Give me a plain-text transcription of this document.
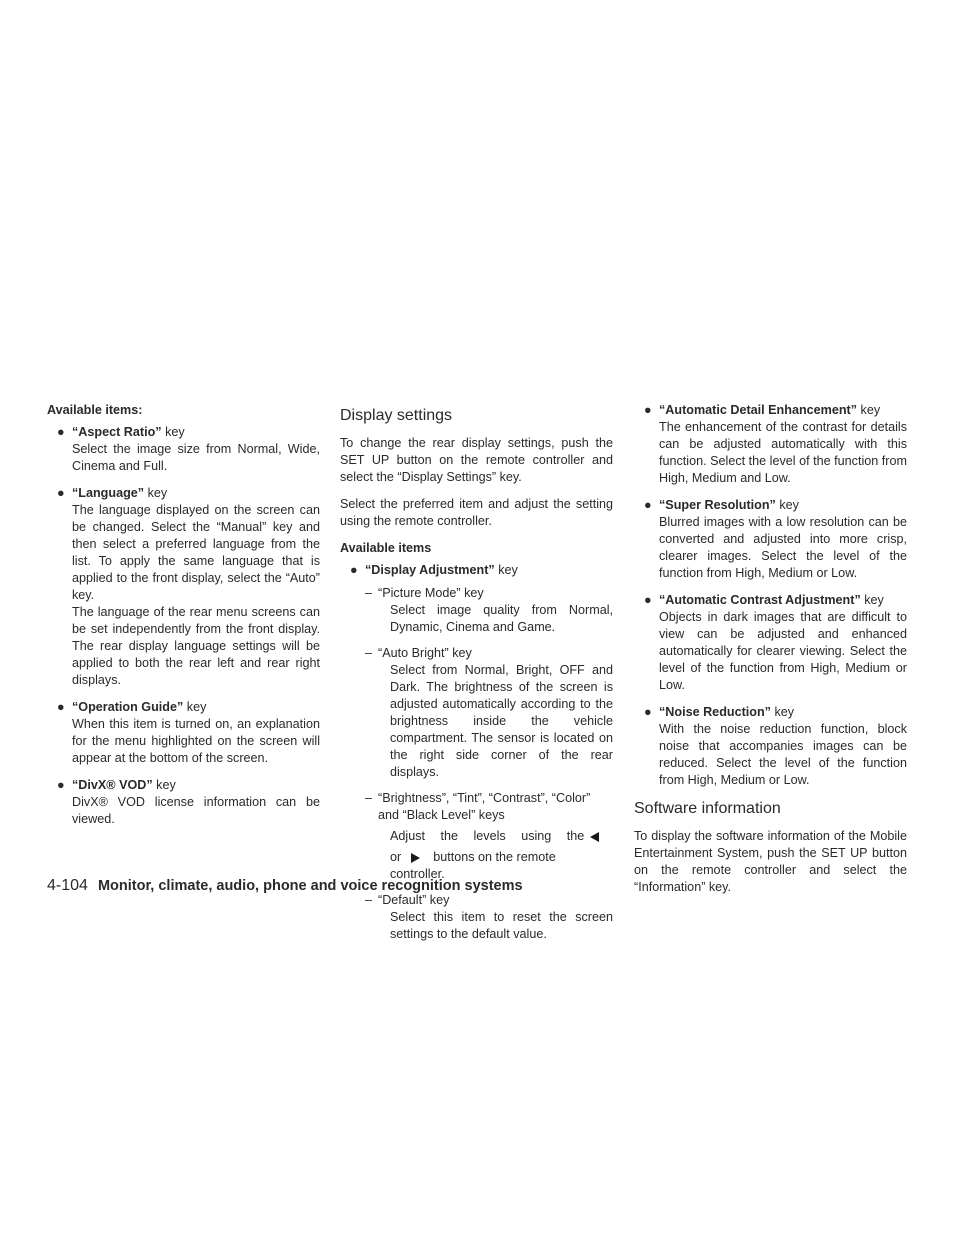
Available items:
● “Aspect Ratio” key
Select the image size from Normal, Wide, Cinema and Full.
● “Language” key
The language displayed on the screen can be changed. Select the “Manual” key and then select a preferred language from the list. To apply the same language that is applied to the front display, select the “Auto” key.
The language of the rear menu screens can be set independently from the front display. The rear display language settings will be applied to both the rear left and rear right displays.
● “Operation Guide” key
When this item is turned on, an explanation for the menu highlighted on the screen will appear at the bottom of the screen.
● “DivX® VOD” key
DivX® VOD license information can be viewed.
Display settings

To change the rear display settings, push the SET UP button on the remote controller and select the “Display Settings” key.

Select the preferred item and adjust the setting using the remote controller.

Available items
● “Display Adjustment” key
– “Picture Mode” key
Select image quality from Normal, Dynamic, Cinema and Game.
– “Auto Bright” key
Select from Normal, Bright, OFF and Dark. The brightness of the screen is adjusted automatically according to the brightness inside the vehicle compartment. The sensor is located on the right side corner of the rear displays.
– “Brightness”, “Tint”, “Contrast”, “Color” and “Black Level” keys
Adjust the levels using the
or	buttons on the remote controller.
– “Default” key
Select this item to reset the screen settings to the default value.
● “Automatic Detail Enhancement” key
The enhancement of the contrast for details can be adjusted automatically with this function. Select the level of the function from High, Medium and Low.
● “Super Resolution” key
Blurred images with a low resolution can be converted and adjusted into more crisp, clearer images. Select the level of the function from High, Medium or Low.
● “Automatic Contrast Adjustment” key
Objects in dark images that are difficult to view can be adjusted and enhanced automatically for clearer viewing. Select the level of the function from High, Medium or Low.
● “Noise Reduction” key
With the noise reduction function, block noise that accompanies images can be reduced. Select the level of the function from High, Medium or Low.
Software information

To display the software information of the Mobile Entertainment System, push the SET UP button on the remote controller and select the “Information” key.

4-104 Monitor, climate, audio, phone and voice recognition systems
